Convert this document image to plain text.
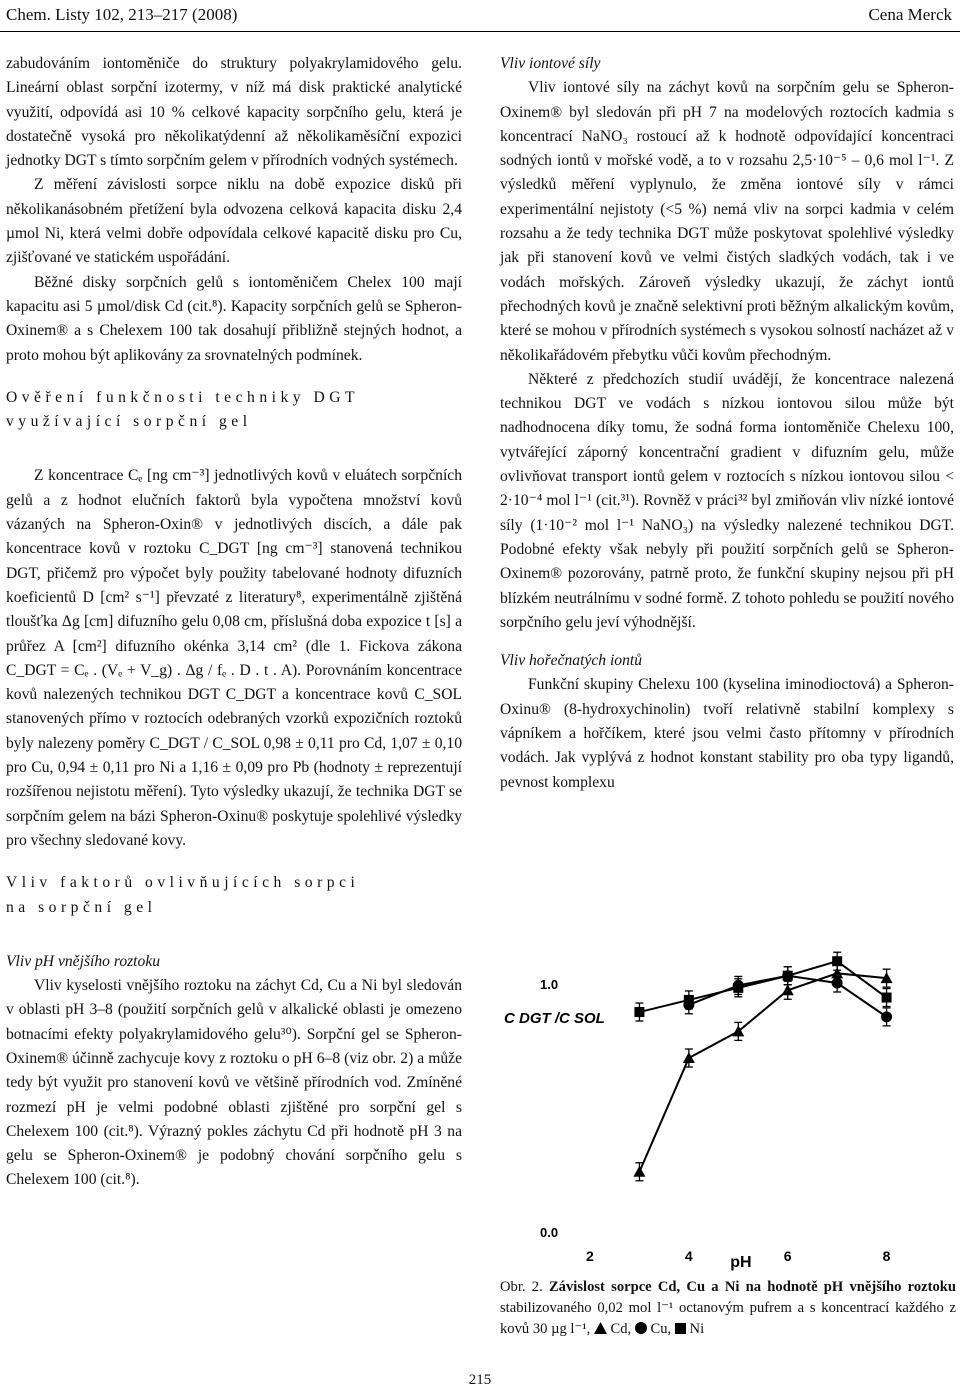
Chem. Listy 102, 213–217 (2008)	Cena Merck

zabudováním iontoměniče do struktury polyakrylamidového gelu. Lineární oblast sorpční izotermy, v níž má disk praktické analytické využití, odpovídá asi 10 % celkové kapacity sorpčního gelu, která je dostatečně vysoká pro několikatýdenní až několikaměsíční expozici jednotky DGT s tímto sorpčním gelem v přírodních vodných systémech.

Z měření závislosti sorpce niklu na době expozice disků při několikanásobném přetížení byla odvozena celková kapacita disku 2,4 µmol Ni, která velmi dobře odpovídala celkové kapacitě disku pro Cu, zjišťované ve statickém uspořádání.

Běžné disky sorpčních gelů s iontoměničem Chelex 100 mají kapacitu asi 5 µmol/disk Cd (cit.⁸). Kapacity sorpčních gelů se Spheron-Oxinem® a s Chelexem 100 tak dosahují přibližně stejných hodnot, a proto mohou být aplikovány za srovnatelných podmínek.

Ověření funkčnosti techniky DGT
využívající sorpční gel

Z koncentrace Cₑ [ng cm⁻³] jednotlivých kovů v eluátech sorpčních gelů a z hodnot elučních faktorů byla vypočtena množství kovů vázaných na Spheron-Oxin® v jednotlivých discích, a dále pak koncentrace kovů v roztoku C_DGT [ng cm⁻³] stanovená technikou DGT, přičemž pro výpočet byly použity tabelované hodnoty difuzních koeficientů D [cm² s⁻¹] převzaté z literatury⁸, experimentálně zjištěná tloušťka Δg [cm] difuzního gelu 0,08 cm, příslušná doba expozice t [s] a průřez A [cm²] difuzního okénka 3,14 cm² (dle 1. Fickova zákona C_DGT = Cₑ . (Vₑ + V_g) . Δg / fₑ . D . t . A). Porovnáním koncentrace kovů nalezených technikou DGT C_DGT a koncentrace kovů C_SOL stanovených přímo v roztocích odebraných vzorků expozičních roztoků byly nalezeny poměry C_DGT / C_SOL 0,98 ± 0,11 pro Cd, 1,07 ± 0,10 pro Cu, 0,94 ± 0,11 pro Ni a 1,16 ± 0,09 pro Pb (hodnoty ± reprezentují rozšířenou nejistotu měření). Tyto výsledky ukazují, že technika DGT se sorpčním gelem na bázi Spheron-Oxinu® poskytuje spolehlivé výsledky pro všechny sledované kovy.

Vliv faktorů ovlivňujících sorpci
na sorpční gel

Vliv pH vnějšího roztoku

Vliv kyselosti vnějšího roztoku na záchyt Cd, Cu a Ni byl sledován v oblasti pH 3–8 (použití sorpčních gelů v alkalické oblasti je omezeno botnacími efekty polyakrylamidového gelu³⁰). Sorpční gel se Spheron-Oxinem® účinně zachycuje kovy z roztoku o pH 6–8 (viz obr. 2) a může tedy být využit pro stanovení kovů ve většině přírodních vod. Zmíněné rozmezí pH je velmi podobné oblasti zjištěné pro sorpční gel s Chelexem 100 (cit.⁸). Výrazný pokles záchytu Cd při hodnotě pH 3 na gelu se Spheron-Oxinem® je podobný chování sorpčního gelu s Chelexem 100 (cit.⁸).

Vliv iontové síly

Vliv iontové síly na záchyt kovů na sorpčním gelu se Spheron-Oxinem® byl sledován při pH 7 na modelových roztocích kadmia s koncentrací NaNO₃ rostoucí až k hodnotě odpovídající koncentraci sodných iontů v mořské vodě, a to v rozsahu 2,5·10⁻⁵ – 0,6 mol l⁻¹. Z výsledků měření vyplynulo, že změna iontové síly v rámci experimentální nejistoty (<5 %) nemá vliv na sorpci kadmia v celém rozsahu a že tedy technika DGT může poskytovat spolehlivé výsledky jak při stanovení kovů ve velmi čistých sladkých vodách, tak i ve vodách mořských. Zároveň výsledky ukazují, že záchyt iontů přechodných kovů je značně selektivní proti běžným alkalickým kovům, které se mohou v přírodních systémech s vysokou solností nacházet až v několikařádovém přebytku vůči kovům přechodným.

Některé z předchozích studií uvádějí, že koncentrace nalezená technikou DGT ve vodách s nízkou iontovou silou může být nadhodnocena díky tomu, že sodná forma iontoměniče Chelexu 100, vytvářející záporný koncentrační gradient v difuzním gelu, může ovlivňovat transport iontů gelem v roztocích s nízkou iontovou silou < 2·10⁻⁴ mol l⁻¹ (cit.³¹). Rovněž v práci³² byl zmiňován vliv nízké iontové síly (1·10⁻² mol l⁻¹ NaNO₃) na výsledky nalezené technikou DGT. Podobné efekty však nebyly při použití sorpčních gelů se Spheron-Oxinem® pozorovány, patrně proto, že funkční skupiny nejsou při pH blízkém neutrálnímu v sodné formě. Z tohoto pohledu se použití nového sorpčního gelu jeví výhodnější.

Vliv hořečnatých iontů

Funkční skupiny Chelexu 100 (kyselina iminodioctová) a Spheron-Oxinu® (8-hydroxychinolin) tvoří relativně stabilní komplexy s vápníkem a hořčíkem, které jsou velmi často přítomny v přírodních vodách. Jak vyplývá z hodnot konstant stability pro oba typy ligandů, pevnost komplexu

C DGT /C SOL
1.0
0.0
2	4	6	8
pH
Obr. 2. Závislost sorpce Cd, Cu a Ni na hodnotě pH vnějšího roztoku stabilizovaného 0,02 mol l⁻¹ octanovým pufrem a s koncentrací každého z kovů 30 µg l⁻¹, Cd, Cu, Ni
215
